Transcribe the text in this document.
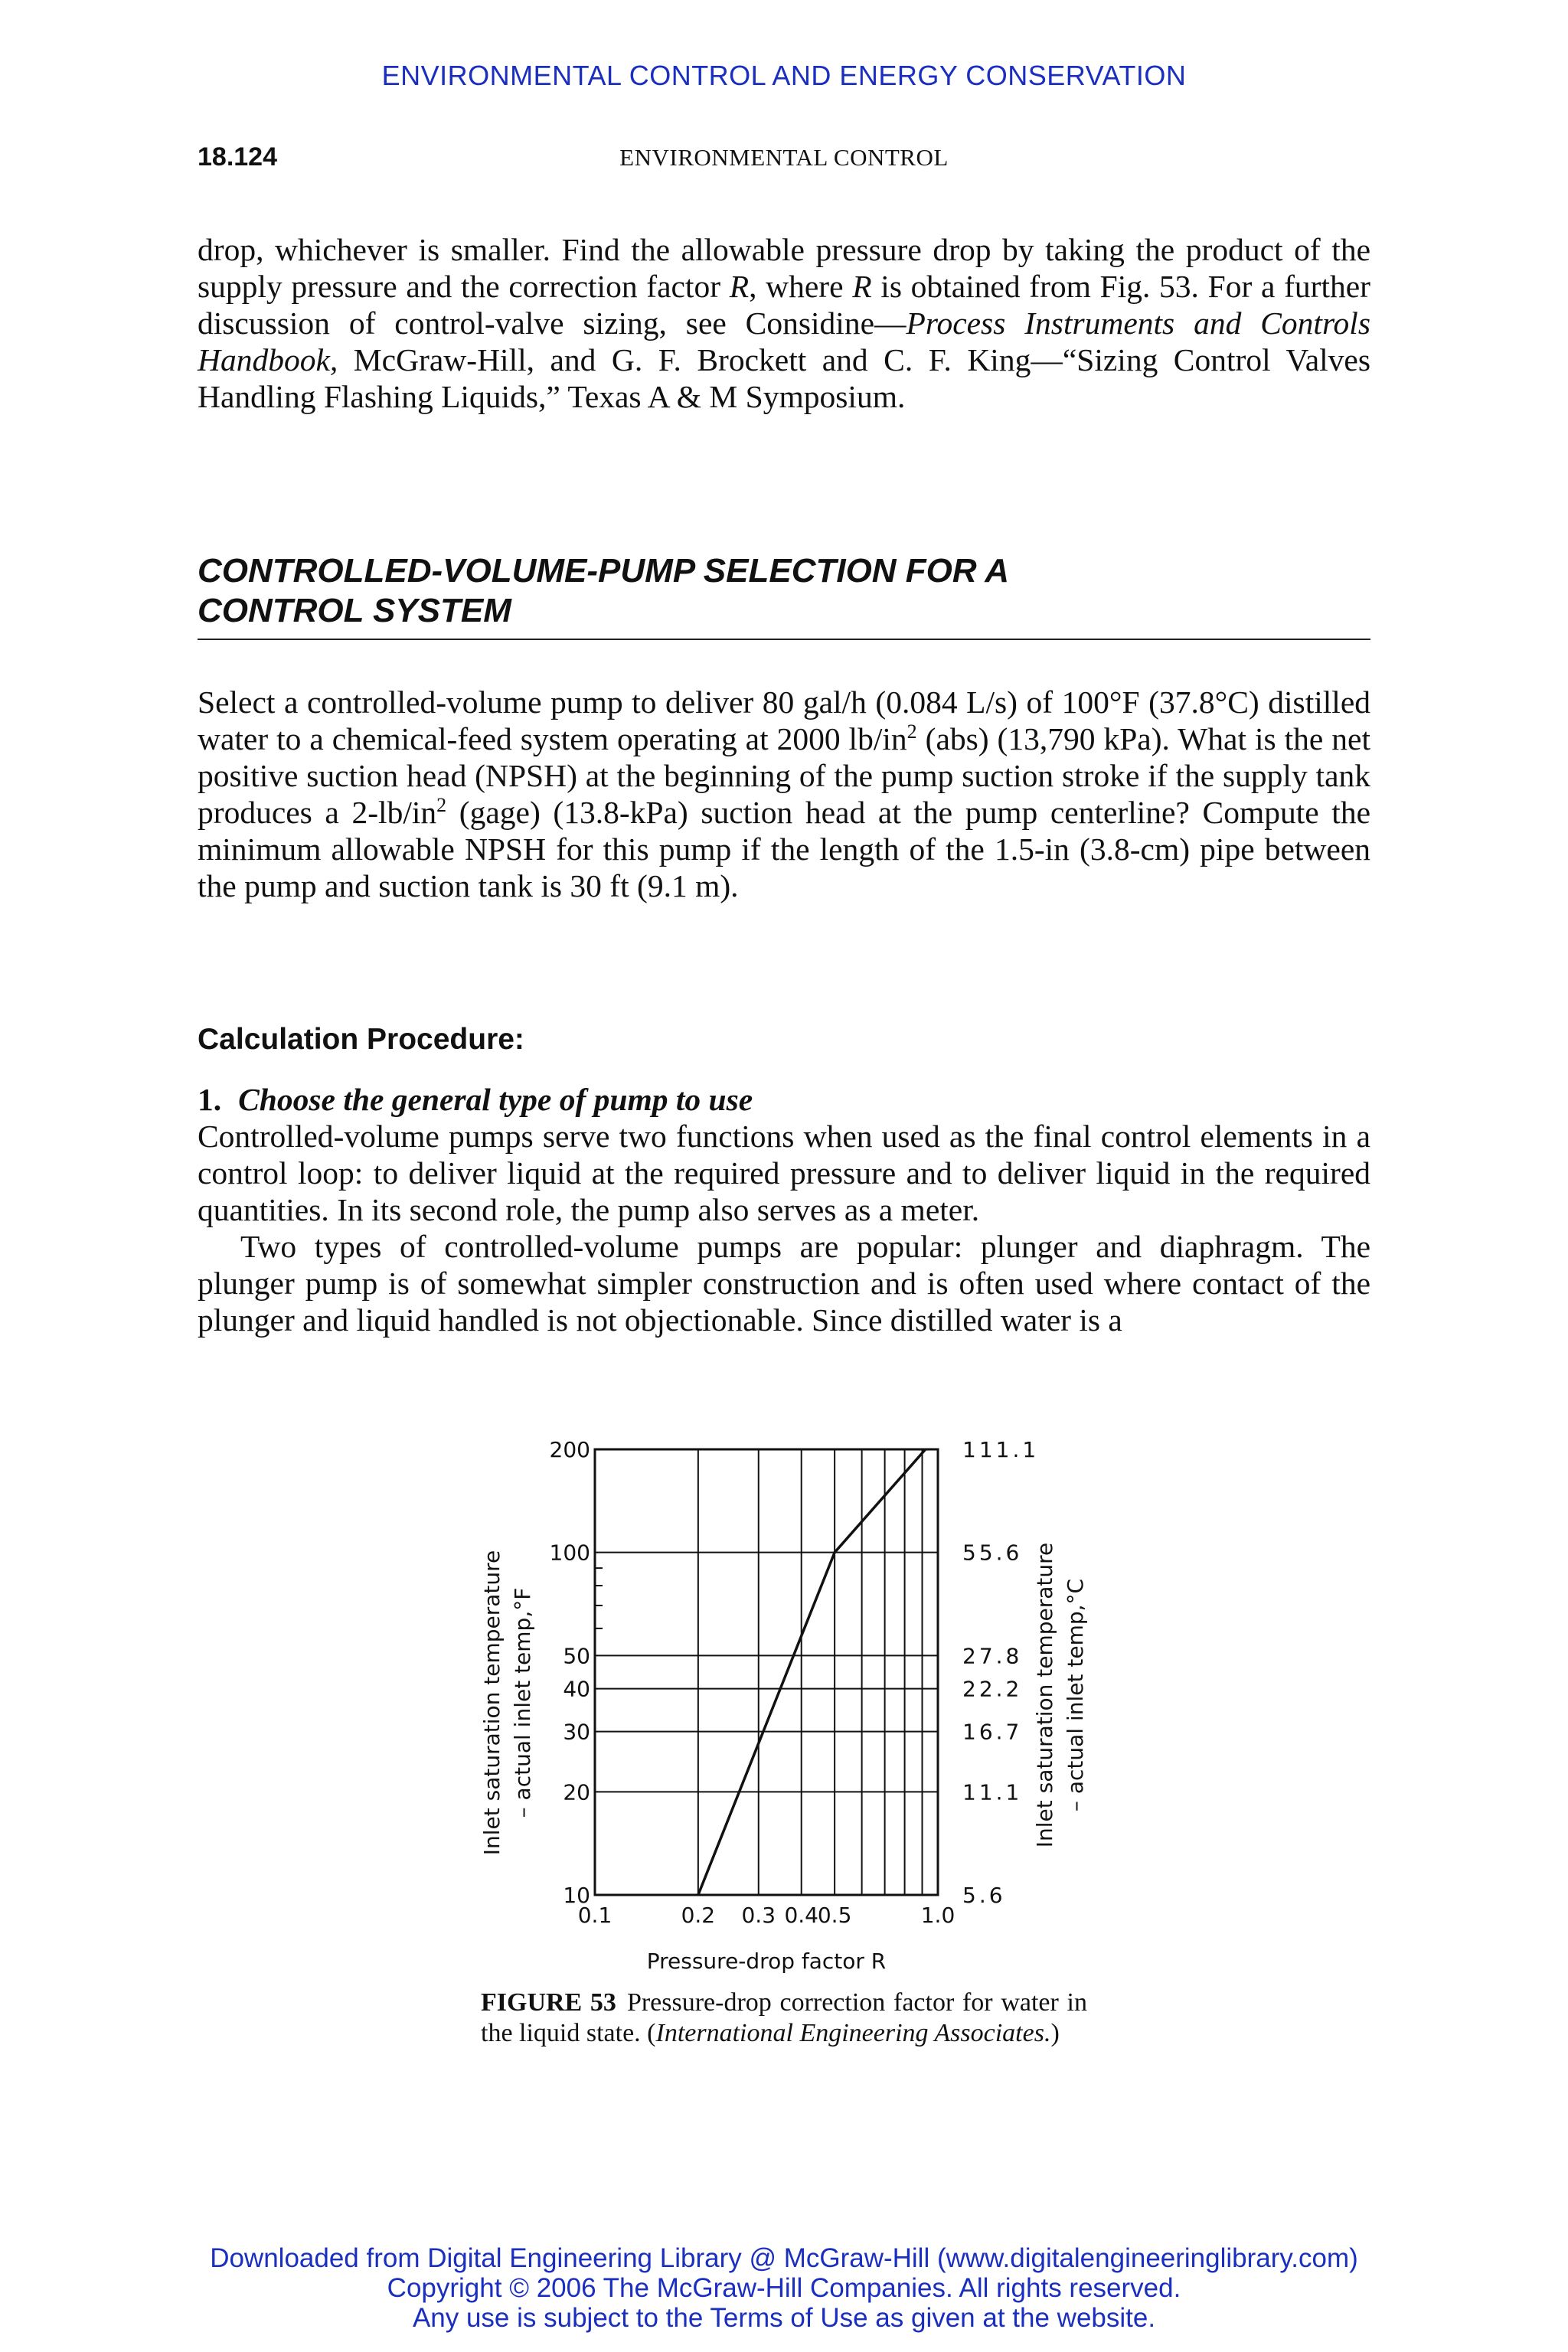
ENVIRONMENTAL CONTROL AND ENERGY CONSERVATION
18.124	ENVIRONMENTAL CONTROL

drop, whichever is smaller. Find the allowable pressure drop by taking the product of the supply pressure and the correction factor R, where R is obtained from Fig. 53. For a further discussion of control-valve sizing, see Considine—Process Instruments and Controls Handbook, McGraw-Hill, and G. F. Brockett and C. F. King—“Sizing Control Valves Handling Flashing Liquids,” Texas A & M Symposium.

CONTROLLED-VOLUME-PUMP SELECTION FOR A
CONTROL SYSTEM

Select a controlled-volume pump to deliver 80 gal/h (0.084 L/s) of 100°F (37.8°C) distilled water to a chemical-feed system operating at 2000 $lb/in^2$ (abs) (13,790 kPa). What is the net positive suction head (NPSH) at the beginning of the pump suction stroke if the supply tank produces a $2-lb/in^2$ (gage) (13.8-kPa) suction head at the pump centerline? Compute the minimum allowable NPSH for this pump if the length of the 1.5-in (3.8-cm) pipe between the pump and suction tank is 30 ft (9.1 m).

Calculation Procedure:
1. Choose the general type of pump to use

Controlled-volume pumps serve two functions when used as the final control elements in a control loop: to deliver liquid at the required pressure and to deliver liquid in the required quantities. In its second role, the pump also serves as a meter.

Two types of controlled-volume pumps are popular: plunger and diaphragm. The plunger pump is of somewhat simpler construction and is often used where contact of the plunger and liquid handled is not objectionable. Since distilled water is a

200
100
50
40
30
20
10
111.1
55.6
27.8
22.2
16.7
11.1
5.6
0.1	0.2 0.3 0.4
0.5	1.0
Pressure-drop factor R
Inlet saturation temperature – actual inlet temp,°F	Inlet saturation temperature – actual inlet temp,°C
FIGURE 53 Pressure-drop correction factor for water in the liquid state. (International Engineering Associates.)
Downloaded from Digital Engineering Library @ McGraw-Hill (www.digitalengineeringlibrary.com)
Copyright © 2006 The McGraw-Hill Companies. All rights reserved.
Any use is subject to the Terms of Use as given at the website.
